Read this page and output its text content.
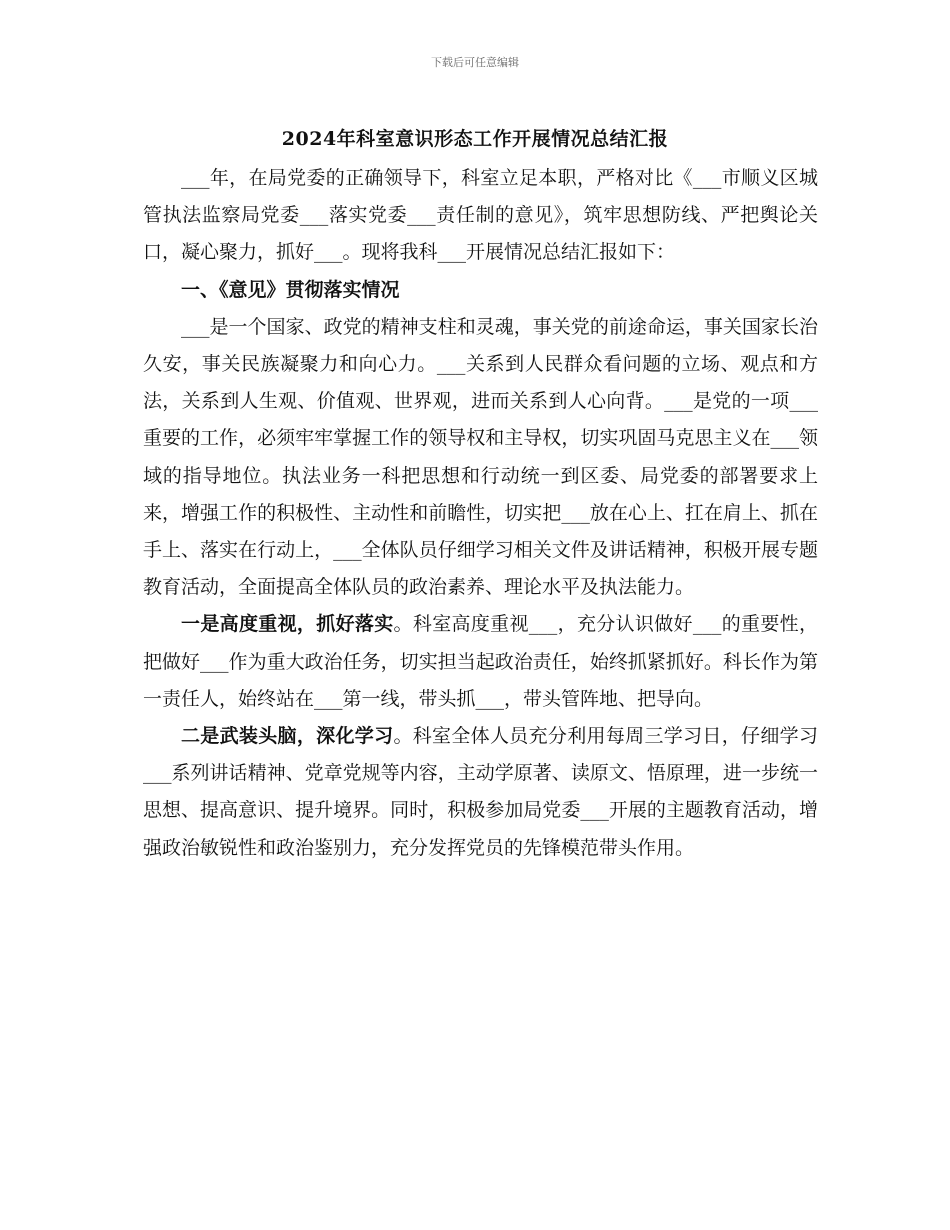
下载后可任意编辑
2024年科室意识形态工作开展情况总结汇报

___年，在局党委的正确领导下，科室立足本职，严格对比《___市顺义区城管执法监察局党委___落实党委___责任制的意见》，筑牢思想防线、严把舆论关口，凝心聚力，抓好___。现将我科___开展情况总结汇报如下：

一、《意见》贯彻落实情况

___是一个国家、政党的精神支柱和灵魂，事关党的前途命运，事关国家长治久安，事关民族凝聚力和向心力。___关系到人民群众看问题的立场、观点和方法，关系到人生观、价值观、世界观，进而关系到人心向背。___是党的一项___重要的工作，必须牢牢掌握工作的领导权和主导权，切实巩固马克思主义在___领域的指导地位。执法业务一科把思想和行动统一到区委、局党委的部署要求上来，增强工作的积极性、主动性和前瞻性，切实把___放在心上、扛在肩上、抓在手上、落实在行动上，___全体队员仔细学习相关文件及讲话精神，积极开展专题教育活动，全面提高全体队员的政治素养、理论水平及执法能力。

一是高度重视，抓好落实。科室高度重视___，充分认识做好___的重要性，把做好___作为重大政治任务，切实担当起政治责任，始终抓紧抓好。科长作为第一责任人，始终站在___第一线，带头抓___，带头管阵地、把导向。

二是武装头脑，深化学习。科室全体人员充分利用每周三学习日，仔细学习___系列讲话精神、党章党规等内容，主动学原著、读原文、悟原理，进一步统一思想、提高意识、提升境界。同时，积极参加局党委___开展的主题教育活动，增强政治敏锐性和政治鉴别力，充分发挥党员的先锋模范带头作用。
